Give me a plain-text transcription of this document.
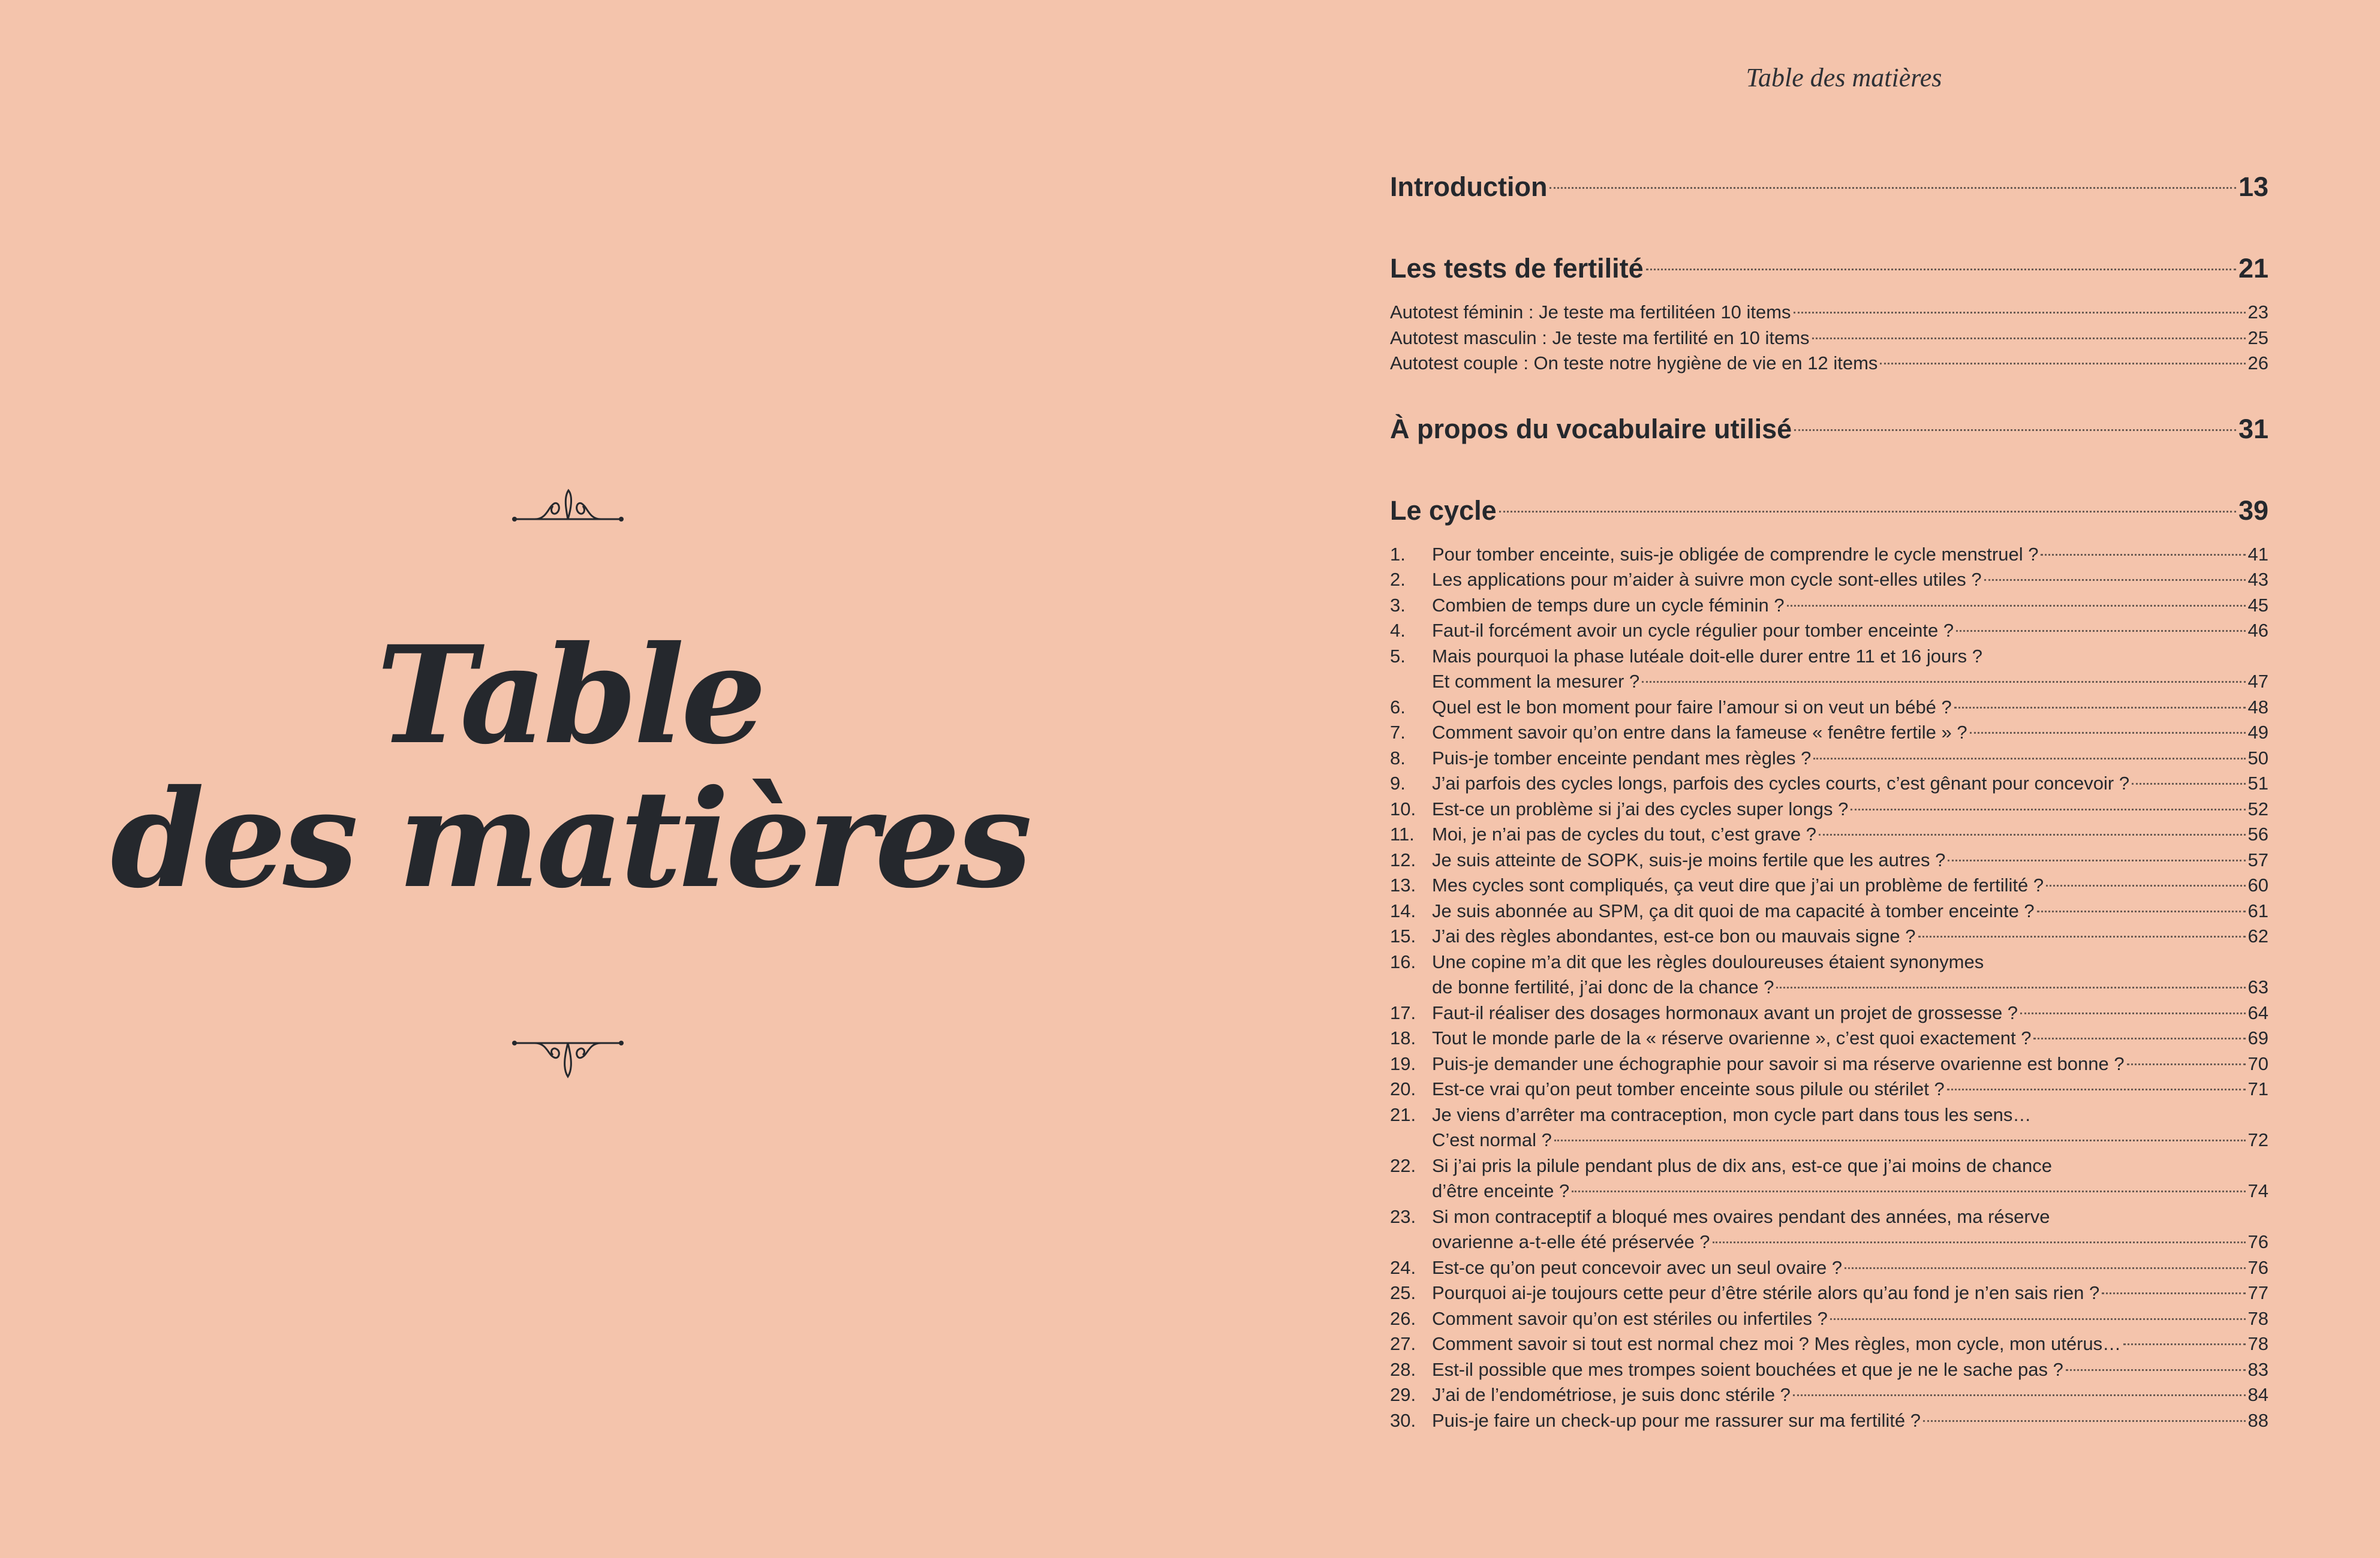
Table
des matières
Table des matières
Introduction	13
Les tests de fertilité	21
Autotest féminin : Je teste ma fertilitéen 10 items	23
Autotest masculin : Je teste ma fertilité en 10 items	25
Autotest couple : On teste notre hygiène de vie en 12 items	26
À propos du vocabulaire utilisé	31
Le cycle	39
1.	Pour tomber enceinte, suis-je obligée de comprendre le cycle menstruel ?	41
2.	Les applications pour m’aider à suivre mon cycle sont-elles utiles ?	43
3.	Combien de temps dure un cycle féminin ?	45
4.	Faut-il forcément avoir un cycle régulier pour tomber enceinte ?	46
5.	Mais pourquoi la phase lutéale doit-elle durer entre 11 et 16 jours ?
Et comment la mesurer ?	47
6.	Quel est le bon moment pour faire l’amour si on veut un bébé ?	48
7.	Comment savoir qu’on entre dans la fameuse « fenêtre fertile » ?	49
8.	Puis-je tomber enceinte pendant mes règles ?	50
9.	J’ai parfois des cycles longs, parfois des cycles courts, c’est gênant pour concevoir ?	51
10. Est-ce un problème si j’ai des cycles super longs ?	52
11. Moi, je n’ai pas de cycles du tout, c’est grave ?	56
12. Je suis atteinte de SOPK, suis-je moins fertile que les autres ?	57
13. Mes cycles sont compliqués, ça veut dire que j’ai un problème de fertilité ?	60
14. Je suis abonnée au SPM, ça dit quoi de ma capacité à tomber enceinte ?	61
15. J’ai des règles abondantes, est-ce bon ou mauvais signe ?	62
16. Une copine m’a dit que les règles douloureuses étaient synonymes
de bonne fertilité, j’ai donc de la chance ?	63
17. Faut-il réaliser des dosages hormonaux avant un projet de grossesse ?	64
18. Tout le monde parle de la « réserve ovarienne », c’est quoi exactement ?	69
19. Puis-je demander une échographie pour savoir si ma réserve ovarienne est bonne ?	70
20. Est-ce vrai qu’on peut tomber enceinte sous pilule ou stérilet ?	71
21. Je viens d’arrêter ma contraception, mon cycle part dans tous les sens…
C’est normal ?	72
22. Si j’ai pris la pilule pendant plus de dix ans, est-ce que j’ai moins de chance
d’être enceinte ?	74
23. Si mon contraceptif a bloqué mes ovaires pendant des années, ma réserve
ovarienne a-t-elle été préservée ?	76
24. Est-ce qu’on peut concevoir avec un seul ovaire ?	76
25. Pourquoi ai-je toujours cette peur d’être stérile alors qu’au fond je n’en sais rien ?	77
26. Comment savoir qu’on est stériles ou infertiles ?	78
27. Comment savoir si tout est normal chez moi ? Mes règles, mon cycle, mon utérus…	78
28. Est-il possible que mes trompes soient bouchées et que je ne le sache pas ?	83
29. J’ai de l’endométriose, je suis donc stérile ?	84
30. Puis-je faire un check-up pour me rassurer sur ma fertilité ?	88
